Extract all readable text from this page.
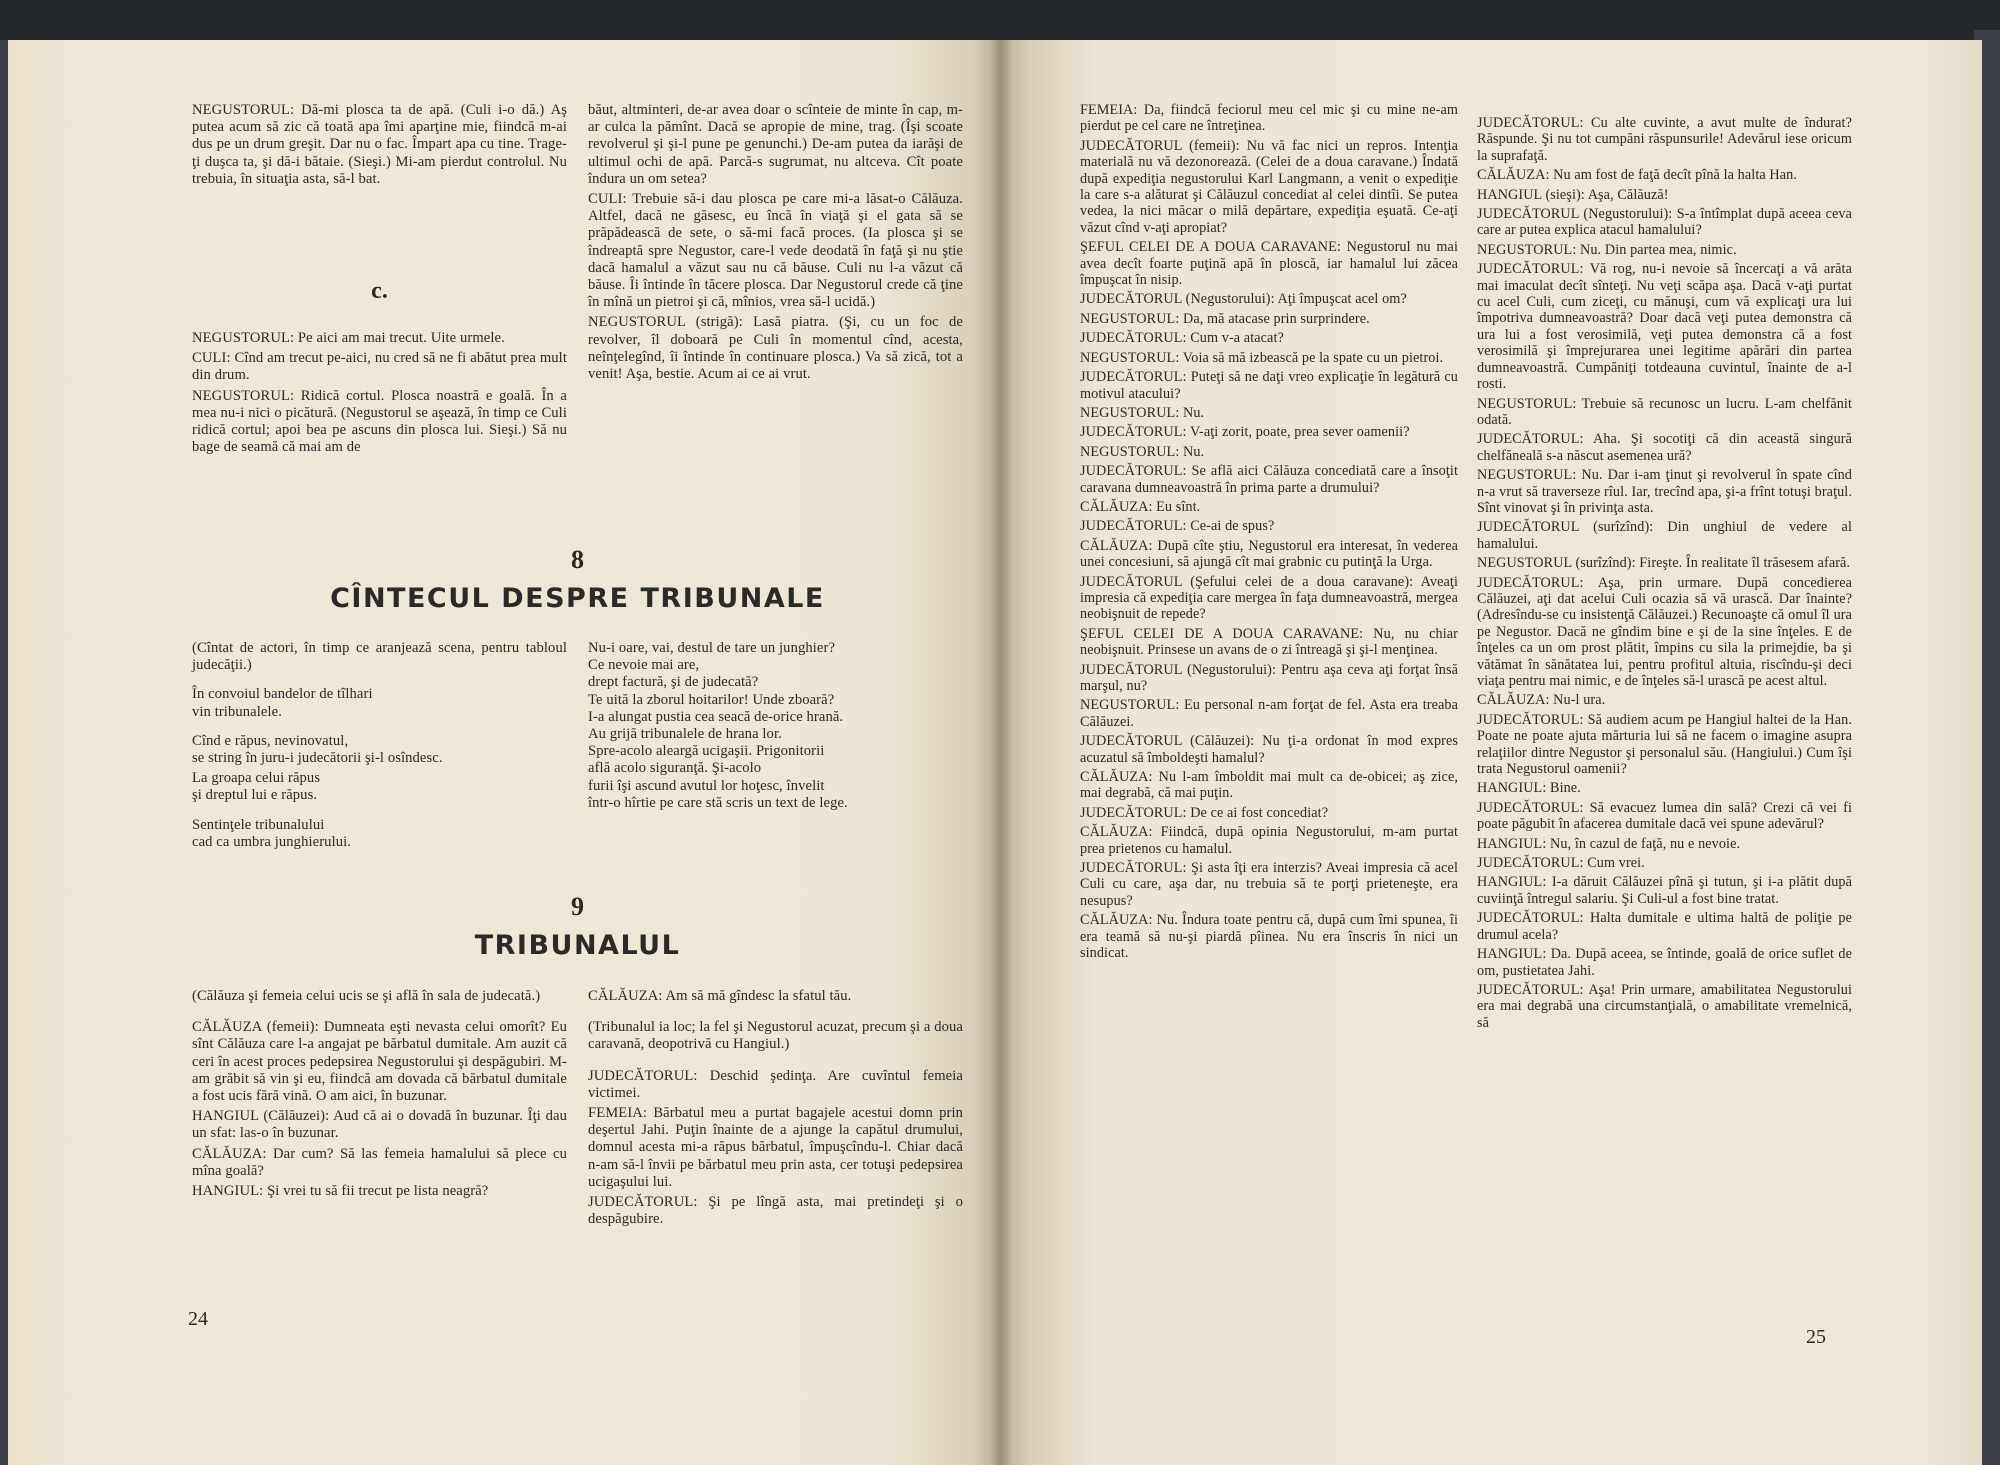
NEGUSTORUL: Dă-mi plosca ta de apă. (Culi i-o dă.) Aş putea acum să zic că toată apa îmi aparţine mie, fiindcă m-ai dus pe un drum greşit. Dar nu o fac. Împart apa cu tine. Trage-ţi duşca ta, şi dă-i bătaie. (Sieşi.) Mi-am pierdut controlul. Nu trebuia, în situaţia asta, să-l bat.

c.

NEGUSTORUL: Pe aici am mai trecut. Uite urmele.

CULI: Cînd am trecut pe-aici, nu cred să ne fi abătut prea mult din drum.

NEGUSTORUL: Ridică cortul. Plosca noastră e goală. În a mea nu-i nici o picătură. (Negustorul se aşează, în timp ce Culi ridică cortul; apoi bea pe ascuns din plosca lui. Sieşi.) Să nu bage de seamă că mai am de

băut, altminteri, de-ar avea doar o scînteie de minte în cap, m-ar culca la pămînt. Dacă se apropie de mine, trag. (Îşi scoate revolverul şi şi-l pune pe genunchi.) De-am putea da iarăşi de ultimul ochi de apă. Parcă-s sugrumat, nu altceva. Cît poate îndura un om setea?

CULI: Trebuie să-i dau plosca pe care mi-a lăsat-o Călăuza. Altfel, dacă ne găsesc, eu încă în viaţă şi el gata să se prăpădească de sete, o să-mi facă proces. (Ia plosca şi se îndreaptă spre Negustor, care-l vede deodată în faţă şi nu ştie dacă hamalul a văzut sau nu că băuse. Culi nu l-a văzut că băuse. Îi întinde în tăcere plosca. Dar Negustorul crede că ţine în mînă un pietroi şi că, mînios, vrea să-l ucidă.)

NEGUSTORUL (strigă): Lasă piatra. (Şi, cu un foc de revolver, îl doboară pe Culi în momentul cînd, acesta, neînţelegînd, îi întinde în continuare plosca.) Va să zică, tot a venit! Aşa, bestie. Acum ai ce ai vrut.

8
CÎNTECUL DESPRE TRIBUNALE

(Cîntat de actori, în timp ce aranjează scena, pentru tabloul judecăţii.)

În convoiul bandelor de tîlhari

vin tribunalele.

Cînd e răpus, nevinovatul,

se string în juru-i judecătorii şi-l osîndesc.

La groapa celui răpus

şi dreptul lui e răpus.

Sentinţele tribunalului

cad ca umbra junghierului.

Nu-i oare, vai, destul de tare un junghier?

Ce nevoie mai are,

drept factură, şi de judecată?

Te uită la zborul hoitarilor! Unde zboară?

I-a alungat pustia cea seacă de-orice hrană.

Au grijă tribunalele de hrana lor.

Spre-acolo aleargă ucigaşii. Prigonitorii

află acolo siguranţă. Şi-acolo

furii îşi ascund avutul lor hoţesc, învelit

într-o hîrtie pe care stă scris un text de lege.

9
TRIBUNALUL

(Călăuza şi femeia celui ucis se şi află în sala de judecată.)

CĂLĂUZA (femeii): Dumneata eşti nevasta celui omorît? Eu sînt Călăuza care l-a angajat pe bărbatul dumitale. Am auzit că ceri în acest proces pedepsirea Negustorului şi despăgubiri. M-am grăbit să vin şi eu, fiindcă am dovada că bărbatul dumitale a fost ucis fără vină. O am aici, în buzunar.

HANGIUL (Călăuzei): Aud că ai o dovadă în buzunar. Îţi dau un sfat: las-o în buzunar.

CĂLĂUZA: Dar cum? Să las femeia hamalului să plece cu mîna goală?

HANGIUL: Şi vrei tu să fii trecut pe lista neagră?

CĂLĂUZA: Am să mă gîndesc la sfatul tău.

(Tribunalul ia loc; la fel şi Negustorul acuzat, precum şi a doua caravană, deopotrivă cu Hangiul.)

JUDECĂTORUL: Deschid şedinţa. Are cuvîntul femeia victimei.

FEMEIA: Bărbatul meu a purtat bagajele acestui domn prin deşertul Jahi. Puţin înainte de a ajunge la capătul drumului, domnul acesta mi-a răpus bărbatul, împuşcîndu-l. Chiar dacă n-am să-l învii pe bărbatul meu prin asta, cer totuşi pedepsirea ucigaşului lui.

JUDECĂTORUL: Şi pe lîngă asta, mai pretindeţi şi o despăgubire.

24

FEMEIA: Da, fiindcă feciorul meu cel mic şi cu mine ne-am pierdut pe cel care ne întreţinea.

JUDECĂTORUL (femeii): Nu vă fac nici un repros. Intenţia materială nu vă dezonorează. (Celei de a doua caravane.) Îndată după expediţia negustorului Karl Langmann, a venit o expediţie la care s-a alăturat şi Călăuzul concediat al celei dintîi. Se putea vedea, la nici măcar o milă depărtare, expediţia eşuată. Ce-aţi văzut cînd v-aţi apropiat?

ŞEFUL CELEI DE A DOUA CARAVANE: Negustorul nu mai avea decît foarte puţină apă în ploscă, iar hamalul lui zăcea împuşcat în nisip.

JUDECĂTORUL (Negustorului): Aţi împuşcat acel om?

NEGUSTORUL: Da, mă atacase prin surprindere.

JUDECĂTORUL: Cum v-a atacat?

NEGUSTORUL: Voia să mă izbească pe la spate cu un pietroi.

JUDECĂTORUL: Puteţi să ne daţi vreo explicaţie în legătură cu motivul atacului?

NEGUSTORUL: Nu.

JUDECĂTORUL: V-aţi zorit, poate, prea sever oamenii?

NEGUSTORUL: Nu.

JUDECĂTORUL: Se află aici Călăuza concediată care a însoţit caravana dumneavoastră în prima parte a drumului?

CĂLĂUZA: Eu sînt.

JUDECĂTORUL: Ce-ai de spus?

CĂLĂUZA: După cîte ştiu, Negustorul era interesat, în vederea unei concesiuni, să ajungă cît mai grabnic cu putinţă la Urga.

JUDECĂTORUL (Şefului celei de a doua caravane): Aveaţi impresia că expediţia care mergea în faţa dumneavoastră, mergea neobişnuit de repede?

ŞEFUL CELEI DE A DOUA CARAVANE: Nu, nu chiar neobişnuit. Prinsese un avans de o zi întreagă şi şi-l menţinea.

JUDECĂTORUL (Negustorului): Pentru aşa ceva aţi forţat însă marşul, nu?

NEGUSTORUL: Eu personal n-am forţat de fel. Asta era treaba Călăuzei.

JUDECĂTORUL (Călăuzei): Nu ţi-a ordonat în mod expres acuzatul să îmboldeşti hamalul?

CĂLĂUZA: Nu l-am îmboldit mai mult ca de-obicei; aş zice, mai degrabă, că mai puţin.

JUDECĂTORUL: De ce ai fost concediat?

CĂLĂUZA: Fiindcă, după opinia Negustorului, m-am purtat prea prietenos cu hamalul.

JUDECĂTORUL: Şi asta îţi era interzis? Aveai impresia că acel Culi cu care, aşa dar, nu trebuia să te porţi prieteneşte, era nesupus?

CĂLĂUZA: Nu. Îndura toate pentru că, după cum îmi spunea, îi era teamă să nu-şi piardă pîinea. Nu era înscris în nici un sindicat.

JUDECĂTORUL: Cu alte cuvinte, a avut multe de îndurat? Răspunde. Şi nu tot cumpăni răspunsurile! Adevărul iese oricum la suprafaţă.

CĂLĂUZA: Nu am fost de faţă decît pînă la halta Han.

HANGIUL (sieşi): Aşa, Călăuză!

JUDECĂTORUL (Negustorului): S-a întîmplat după aceea ceva care ar putea explica atacul hamalului?

NEGUSTORUL: Nu. Din partea mea, nimic.

JUDECĂTORUL: Vă rog, nu-i nevoie să încercaţi a vă arăta mai imaculat decît sînteţi. Nu veţi scăpa aşa. Dacă v-aţi purtat cu acel Culi, cum ziceţi, cu mănuşi, cum vă explicaţi ura lui împotriva dumneavoastră? Doar dacă veţi putea demonstra că ura lui a fost verosimilă, veţi putea demonstra că a fost verosimilă şi împrejurarea unei legitime apărări din partea dumneavoastră. Cumpăniţi totdeauna cuvintul, înainte de a-l rosti.

NEGUSTORUL: Trebuie să recunosc un lucru. L-am chelfănit odată.

JUDECĂTORUL: Aha. Şi socotiţi că din această singură chelfăneală s-a născut asemenea ură?

NEGUSTORUL: Nu. Dar i-am ţinut şi revolverul în spate cînd n-a vrut să traverseze rîul. Iar, trecînd apa, şi-a frînt totuşi braţul. Sînt vinovat şi în privinţa asta.

JUDECĂTORUL (surîzînd): Din unghiul de vedere al hamalului.

NEGUSTORUL (surîzînd): Fireşte. În realitate îl trăsesem afară.

JUDECĂTORUL: Aşa, prin urmare. După concedierea Călăuzei, aţi dat acelui Culi ocazia să vă urască. Dar înainte? (Adresîndu-se cu insistenţă Călăuzei.) Recunoaşte că omul îl ura pe Negustor. Dacă ne gîndim bine e şi de la sine înţeles. E de înţeles ca un om prost plătit, împins cu sila la primejdie, ba şi vătămat în sănătatea lui, pentru profitul altuia, riscîndu-şi deci viaţa pentru mai nimic, e de înţeles să-l urască pe acest altul.

CĂLĂUZA: Nu-l ura.

JUDECĂTORUL: Să audiem acum pe Hangiul haltei de la Han. Poate ne poate ajuta mărturia lui să ne facem o imagine asupra relaţiilor dintre Negustor şi personalul său. (Hangiului.) Cum îşi trata Negustorul oamenii?

HANGIUL: Bine.

JUDECĂTORUL: Să evacuez lumea din sală? Crezi că vei fi poate păgubit în afacerea dumitale dacă vei spune adevărul?

HANGIUL: Nu, în cazul de faţă, nu e nevoie.

JUDECĂTORUL: Cum vrei.

HANGIUL: I-a dăruit Călăuzei pînă şi tutun, şi i-a plătit după cuviinţă întregul salariu. Şi Culi-ul a fost bine tratat.

JUDECĂTORUL: Halta dumitale e ultima haltă de poliţie pe drumul acela?

HANGIUL: Da. După aceea, se întinde, goală de orice suflet de om, pustietatea Jahi.

JUDECĂTORUL: Aşa! Prin urmare, amabilitatea Negustorului era mai degrabă una circumstanţială, o amabilitate vremelnică, să

25
